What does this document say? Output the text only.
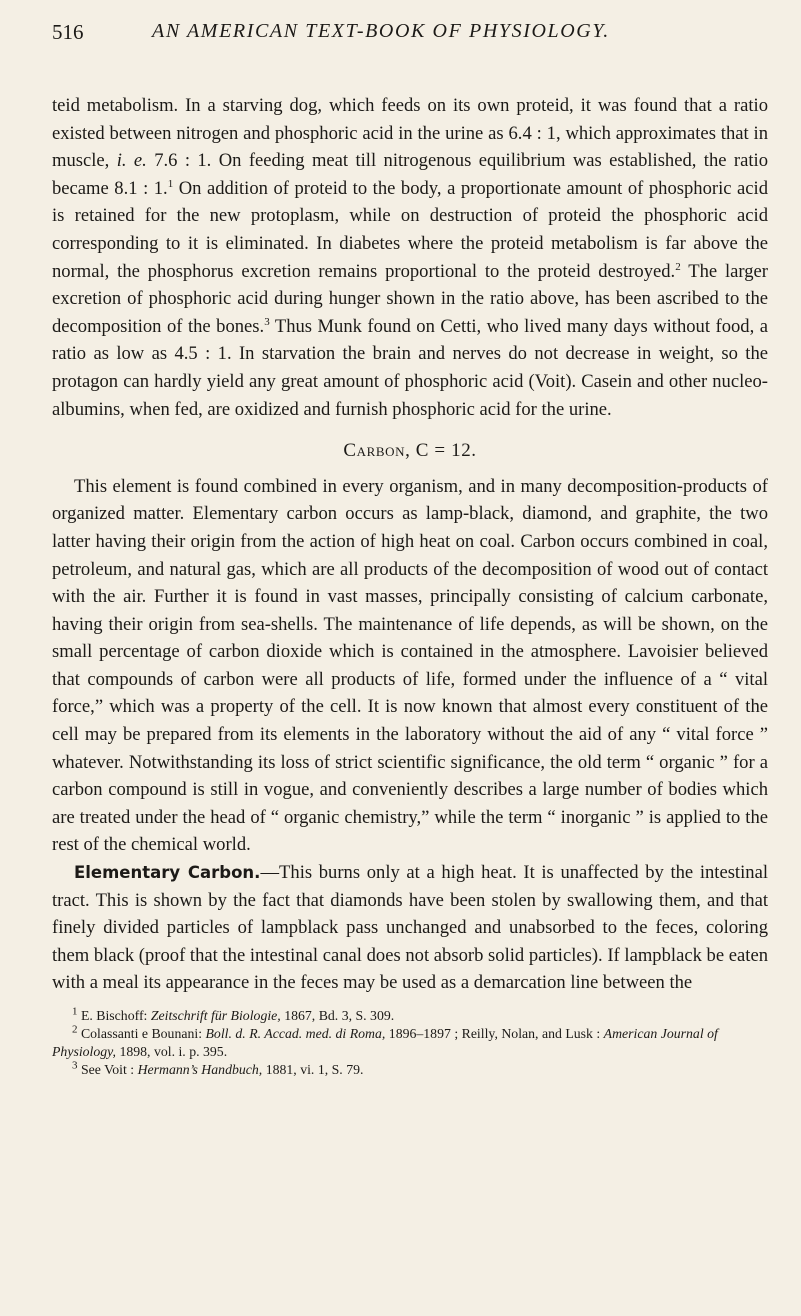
516	AN AMERICAN TEXT-BOOK OF PHYSIOLOGY.

teid metabolism. In a starving dog, which feeds on its own proteid, it was found that a ratio existed between nitrogen and phosphoric acid in the urine as 6.4 : 1, which approximates that in muscle, i. e. 7.6 : 1. On feeding meat till nitrogenous equilibrium was established, the ratio became 8.1 : 1.$^1$ On addition of proteid to the body, a proportionate amount of phosphoric acid is retained for the new protoplasm, while on destruction of proteid the phosphoric acid corresponding to it is eliminated. In diabetes where the proteid metabolism is far above the normal, the phosphorus excretion remains proportional to the proteid destroyed.$^2$ The larger excretion of phosphoric acid during hunger shown in the ratio above, has been ascribed to the decomposition of the bones.$^3$ Thus Munk found on Cetti, who lived many days without food, a ratio as low as 4.5 : 1. In starvation the brain and nerves do not decrease in weight, so the protagon can hardly yield any great amount of phosphoric acid (Voit). Casein and other nucleo-albumins, when fed, are oxidized and furnish phosphoric acid for the urine.

Carbon, C = 12.

This element is found combined in every organism, and in many decomposition-products of organized matter. Elementary carbon occurs as lamp-black, diamond, and graphite, the two latter having their origin from the action of high heat on coal. Carbon occurs combined in coal, petroleum, and natural gas, which are all products of the decomposition of wood out of contact with the air. Further it is found in vast masses, principally consisting of calcium carbonate, having their origin from sea-shells. The maintenance of life depends, as will be shown, on the small percentage of carbon dioxide which is contained in the atmosphere. Lavoisier believed that compounds of carbon were all products of life, formed under the influence of a “ vital force,” which was a property of the cell. It is now known that almost every constituent of the cell may be prepared from its elements in the laboratory without the aid of any “ vital force ” whatever. Notwithstanding its loss of strict scientific significance, the old term “ organic ” for a carbon compound is still in vogue, and conveniently describes a large number of bodies which are treated under the head of “ organic chemistry,” while the term “ inorganic ” is applied to the rest of the chemical world.

Elementary Carbon.—This burns only at a high heat. It is unaffected by the intestinal tract. This is shown by the fact that diamonds have been stolen by swallowing them, and that finely divided particles of lampblack pass unchanged and unabsorbed to the feces, coloring them black (proof that the intestinal canal does not absorb solid particles). If lampblack be eaten with a meal its appearance in the feces may be used as a demarcation line between the

$^1$ E. Bischoff: Zeitschrift für Biologie, 1867, Bd. 3, S. 309.

$^2$ Colassanti e Bounani: Boll. d. R. Accad. med. di Roma, 1896–1897 ; Reilly, Nolan, and Lusk : American Journal of Physiology, 1898, vol. i. p. 395.

$^3$ See Voit : Hermann’s Handbuch, 1881, vi. 1, S. 79.
